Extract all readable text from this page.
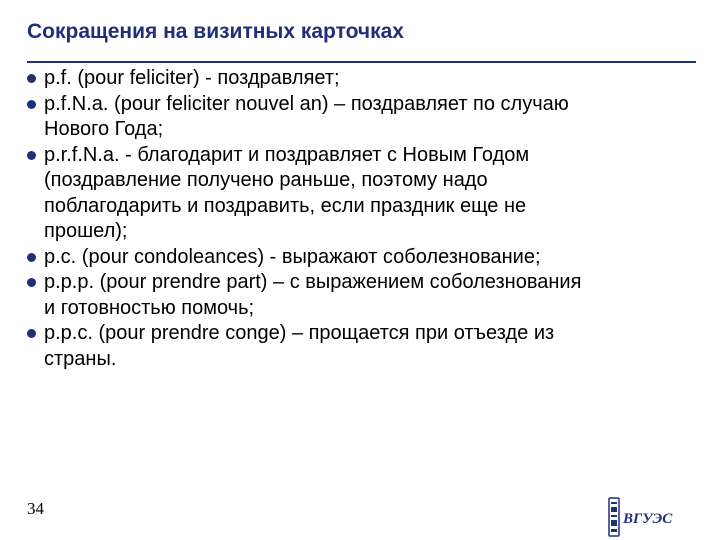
Сокращения на визитных карточках
p.f. (pour feliciter) - поздравляет;
p.f.N.a. (pour feliciter nouvel an) – поздравляет по случаю
Нового Года;
p.r.f.N.a. - благодарит и поздравляет с Новым Годом
(поздравление получено раньше, поэтому надо
поблагодарить и поздравить, если праздник еще не
прошел);
p.c. (pour condoleances) - выражают соболезнование;
p.p.p. (pour prendre part) – с выражением соболезнования
и готовностью помочь;
p.p.c. (pour prendre conge) – прощается при отъезде из
страны.
34
ВГУЭС
